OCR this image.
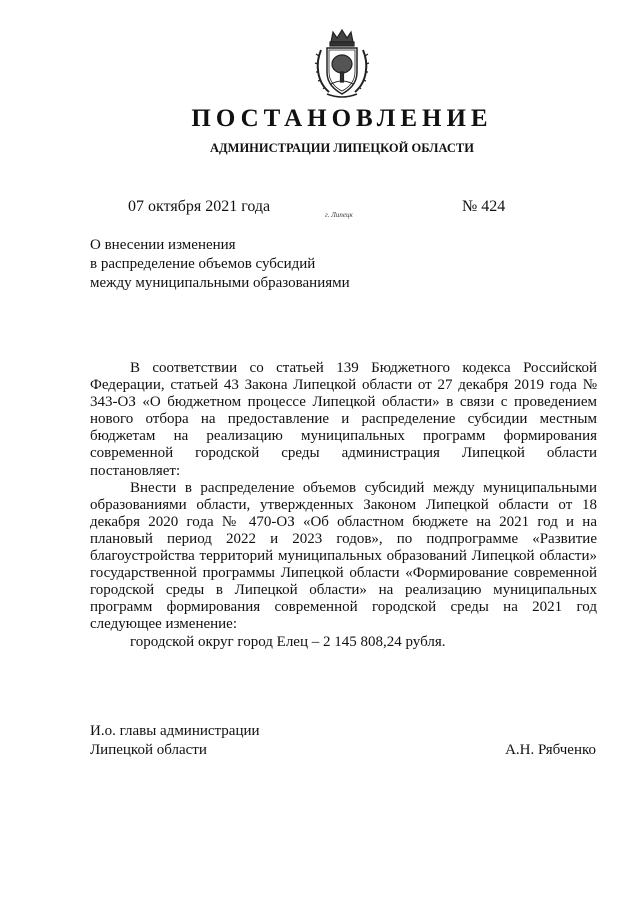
ПОСТАНОВЛЕНИЕ
АДМИНИСТРАЦИИ ЛИПЕЦКОЙ ОБЛАСТИ
07 октября 2021 года	г. Липецк	№ 424
О внесении изменения
в распределение объемов субсидий
между муниципальными образованиями

В соответствии со статьей 139 Бюджетного кодекса Российской Федерации, статьей 43 Закона Липецкой области от 27 декабря 2019 года № 343-ОЗ «О бюджетном процессе Липецкой области» в связи с проведением нового отбора на предоставление и распределение субсидии местным бюджетам на реализацию муниципальных программ формирования современной городской среды администрация Липецкой области постановляет:

Внести в распределение объемов субсидий между муниципальными образованиями области, утвержденных Законом Липецкой области от 18 декабря 2020 года № 470-ОЗ «Об областном бюджете на 2021 год и на плановый период 2022 и 2023 годов», по подпрограмме «Развитие благоустройства территорий муниципальных образований Липецкой области» государственной программы Липецкой области «Формирование современной городской среды в Липецкой области» на реализацию муниципальных программ формирования современной городской среды на 2021 год следующее изменение:

городской округ город Елец – 2 145 808,24 рубля.

И.о. главы администрации
Липецкой области	А.Н. Рябченко
